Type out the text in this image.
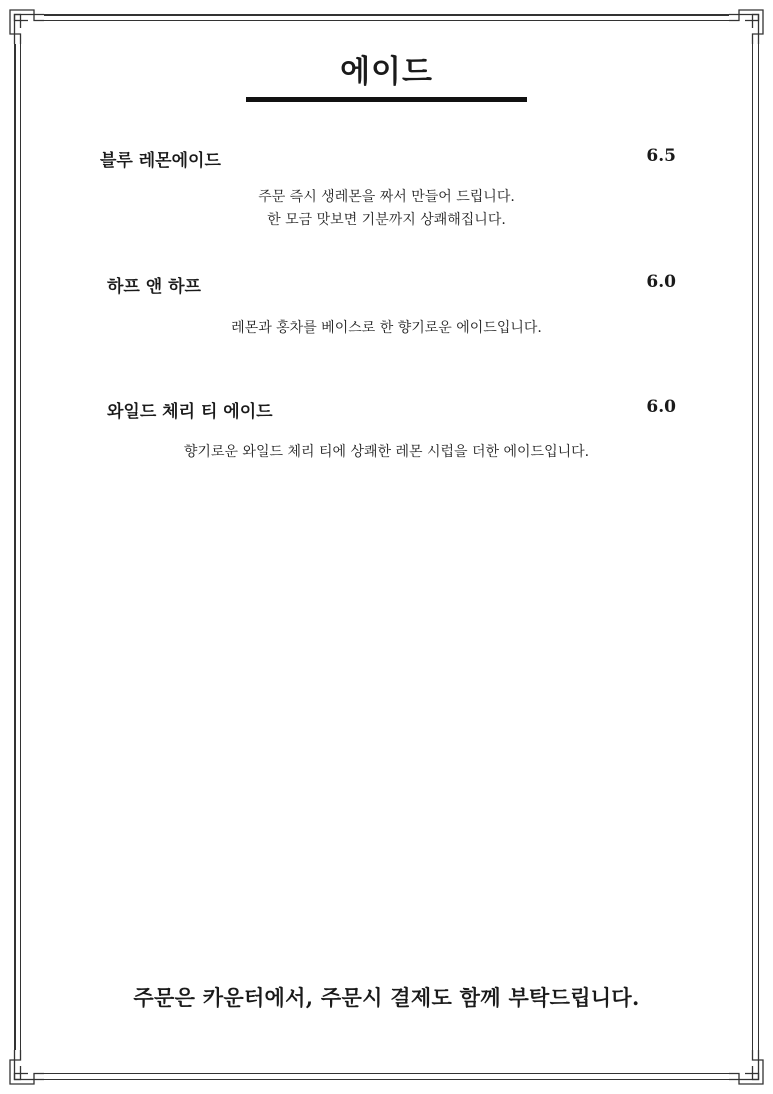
에이드
블루 레몬에이드	6.5
주문 즉시 생레몬을 짜서 만들어 드립니다.
한 모금 맛보면 기분까지 상쾌해집니다.
하프 앤 하프	6.0
레몬과 홍차를 베이스로 한 향기로운 에이드입니다.
와일드 체리 티 에이드	6.0
향기로운 와일드 체리 티에 상쾌한 레몬 시럽을 더한 에이드입니다.
주문은 카운터에서, 주문시 결제도 함께 부탁드립니다.
